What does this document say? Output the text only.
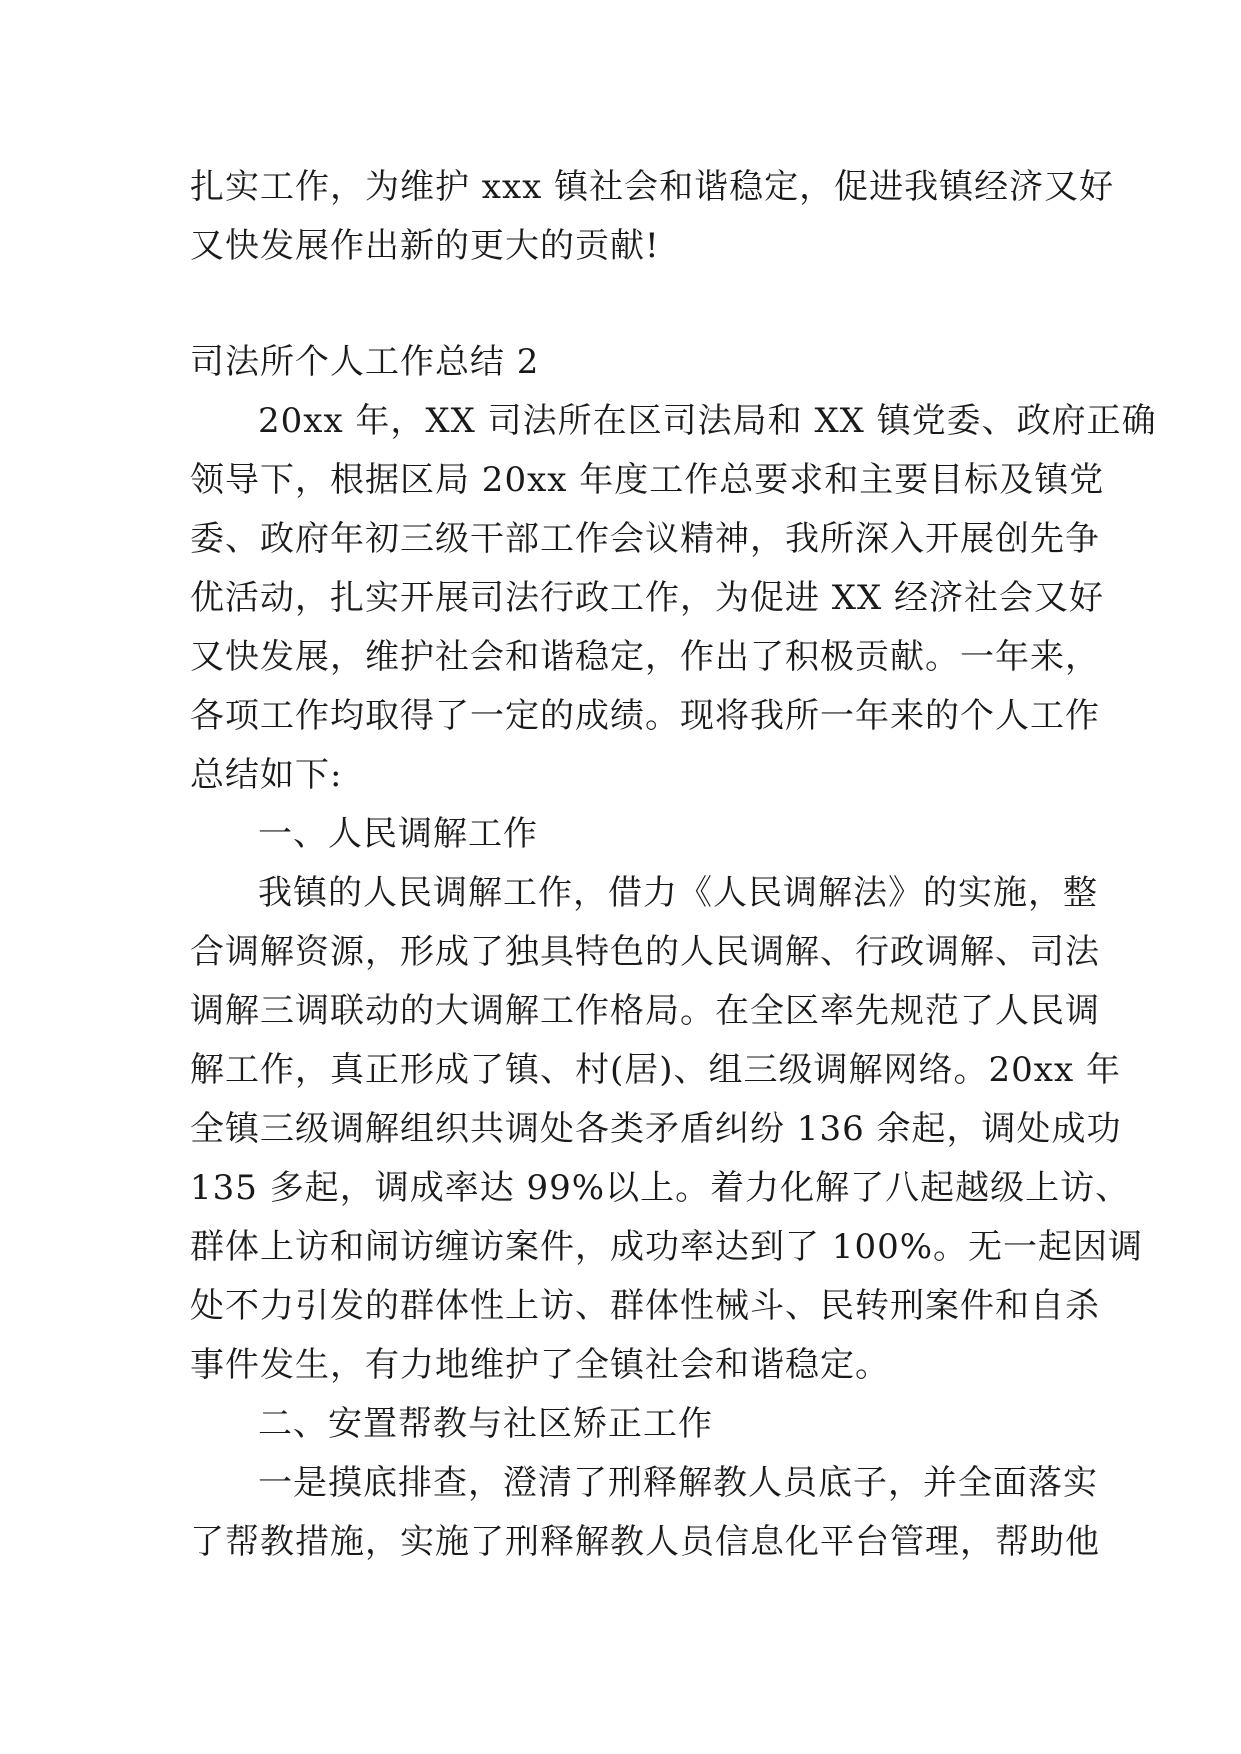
扎实工作，为维护 xxx 镇社会和谐稳定，促进我镇经济又好
又快发展作出新的更大的贡献!
司法所个人工作总结 2
20xx 年，XX 司法所在区司法局和 XX 镇党委、政府正确
领导下，根据区局 20xx 年度工作总要求和主要目标及镇党
委、政府年初三级干部工作会议精神，我所深入开展创先争
优活动，扎实开展司法行政工作，为促进 XX 经济社会又好
又快发展，维护社会和谐稳定，作出了积极贡献。一年来，
各项工作均取得了一定的成绩。现将我所一年来的个人工作
总结如下:
一、人民调解工作
我镇的人民调解工作，借力《人民调解法》的实施，整
合调解资源，形成了独具特色的人民调解、行政调解、司法
调解三调联动的大调解工作格局。在全区率先规范了人民调
解工作，真正形成了镇、村(居)、组三级调解网络。20xx 年
全镇三级调解组织共调处各类矛盾纠纷 136 余起，调处成功
135 多起，调成率达 99%以上。着力化解了八起越级上访、
群体上访和闹访缠访案件，成功率达到了 100%。无一起因调
处不力引发的群体性上访、群体性械斗、民转刑案件和自杀
事件发生，有力地维护了全镇社会和谐稳定。
二、安置帮教与社区矫正工作
一是摸底排查，澄清了刑释解教人员底子，并全面落实
了帮教措施，实施了刑释解教人员信息化平台管理，帮助他
